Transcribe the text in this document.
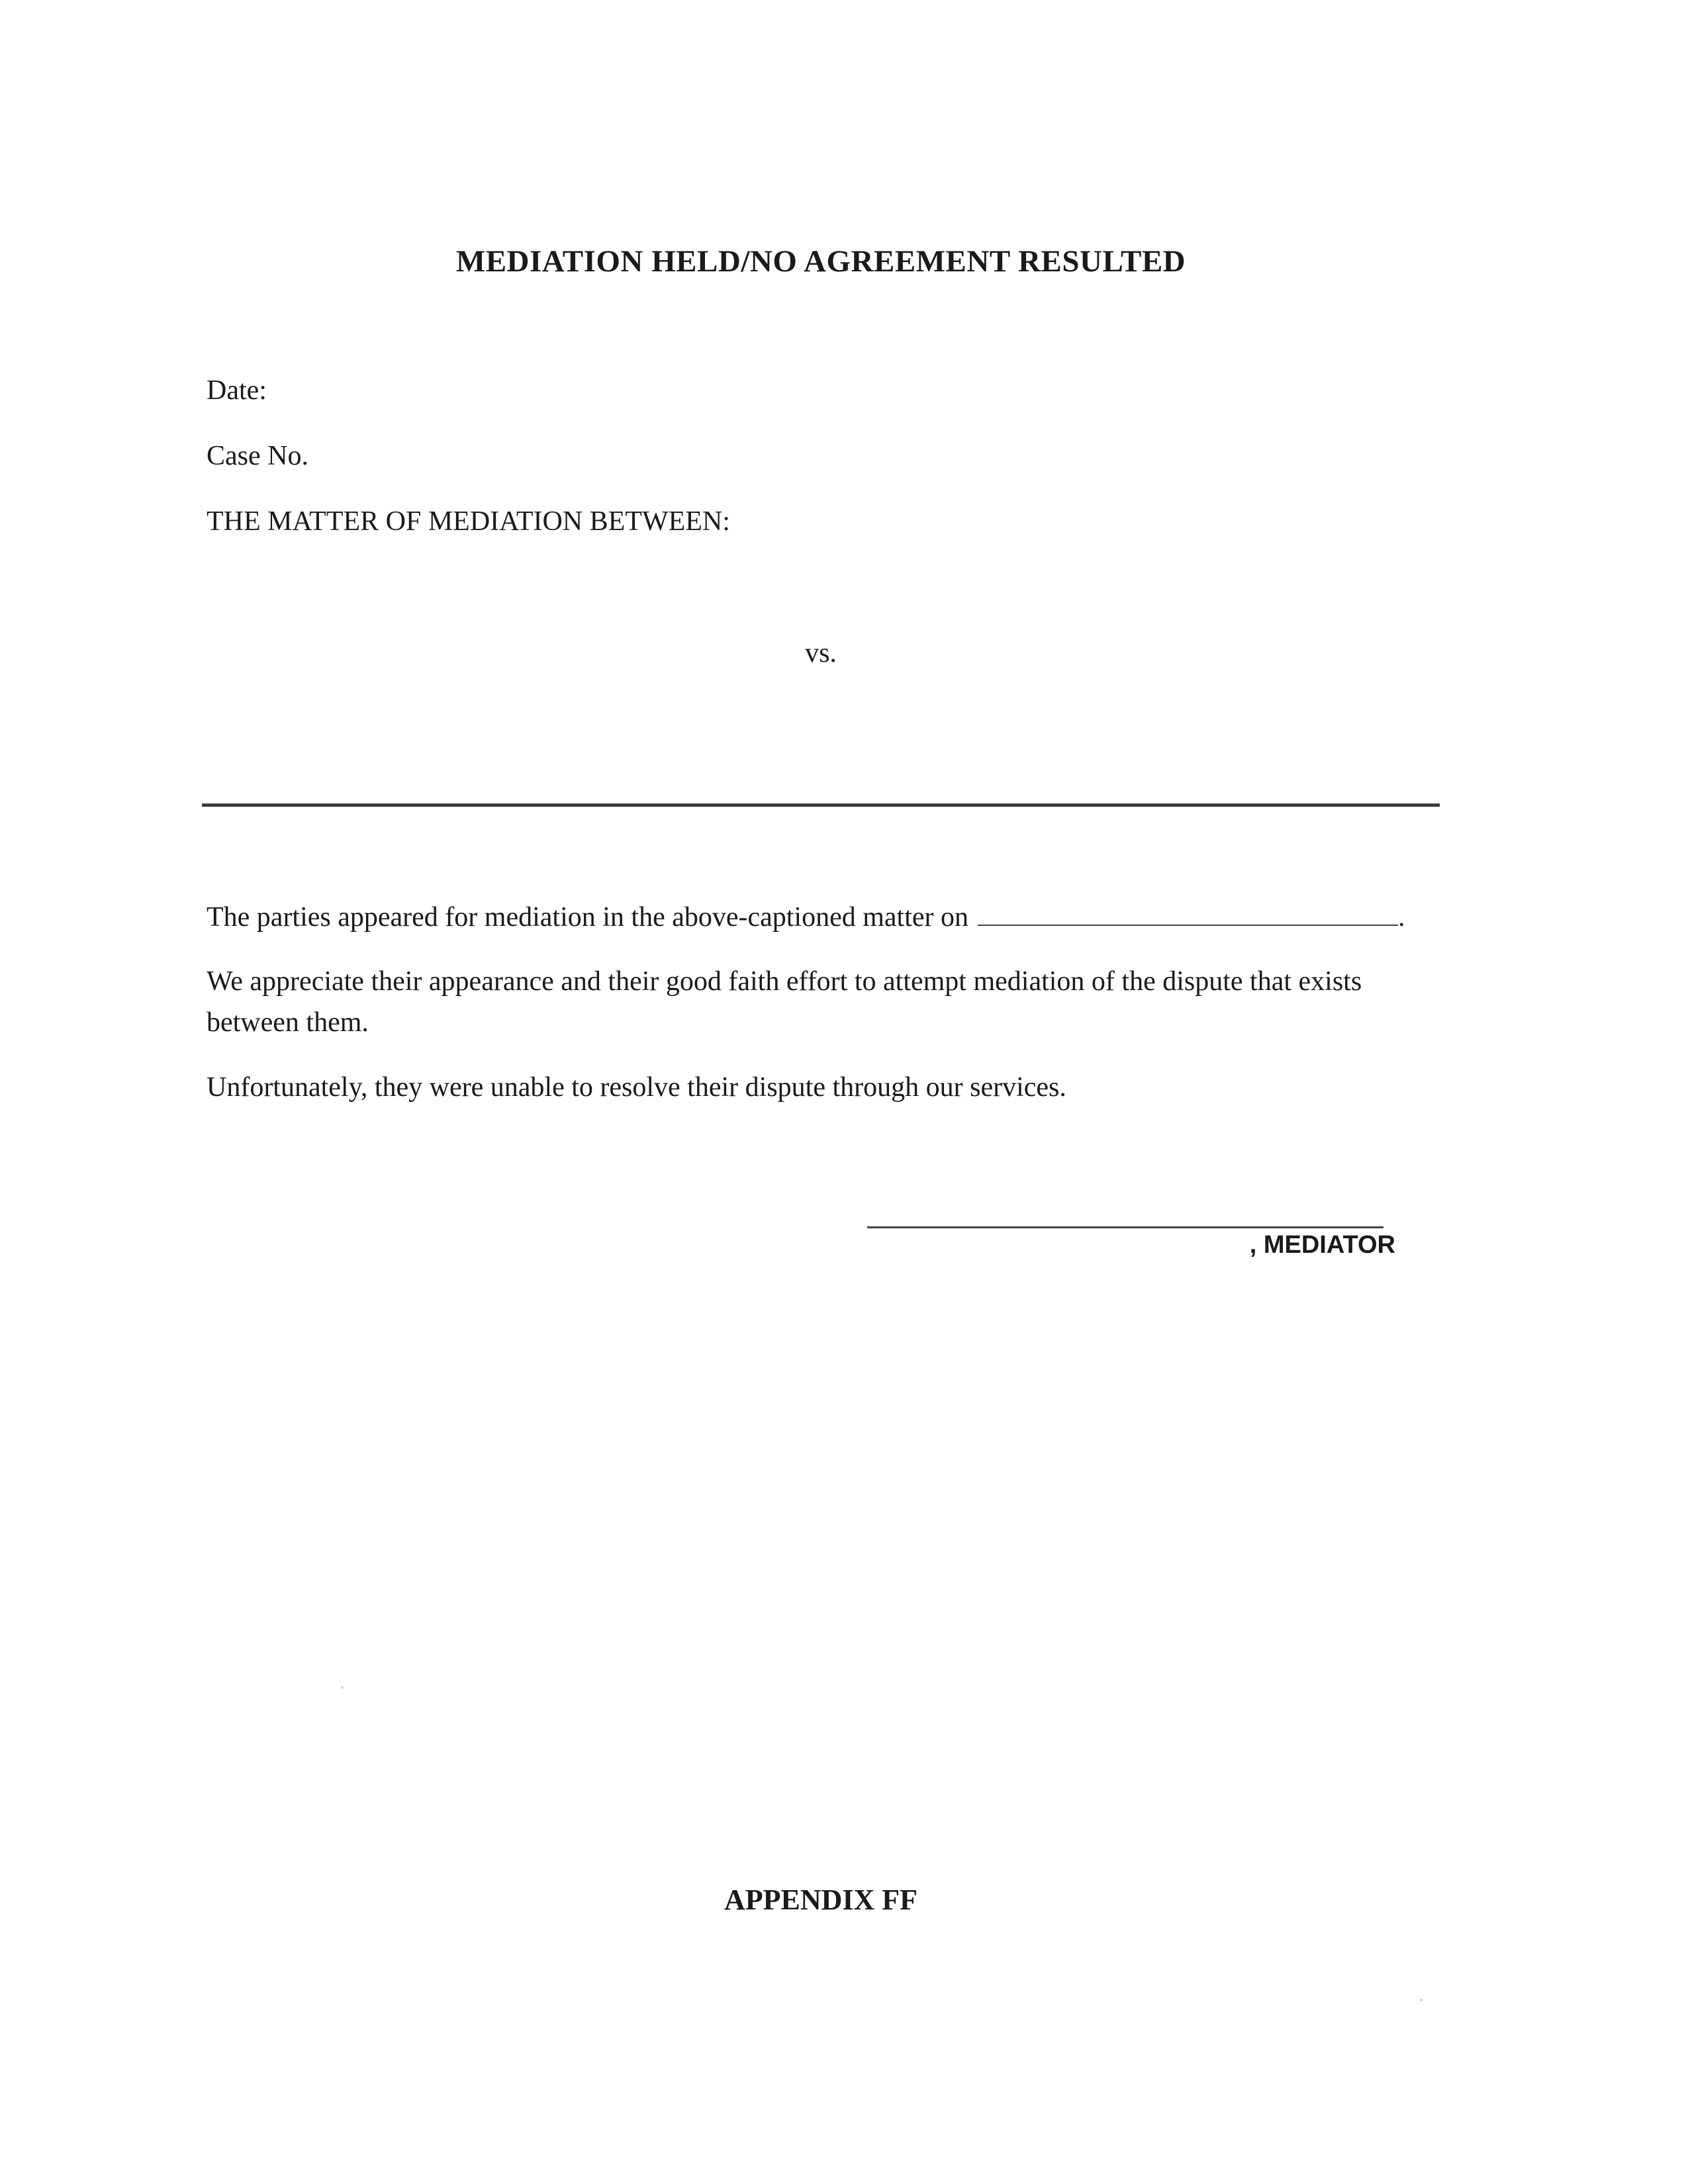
MEDIATION HELD/NO AGREEMENT RESULTED
Date:
Case No.
THE MATTER OF MEDIATION BETWEEN:
vs.
The parties appeared for mediation in the above-captioned matter on	.
We appreciate their appearance and their good faith effort to attempt mediation of the dispute that exists between them.
Unfortunately, they were unable to resolve their dispute through our services.
, MEDIATOR
APPENDIX FF
